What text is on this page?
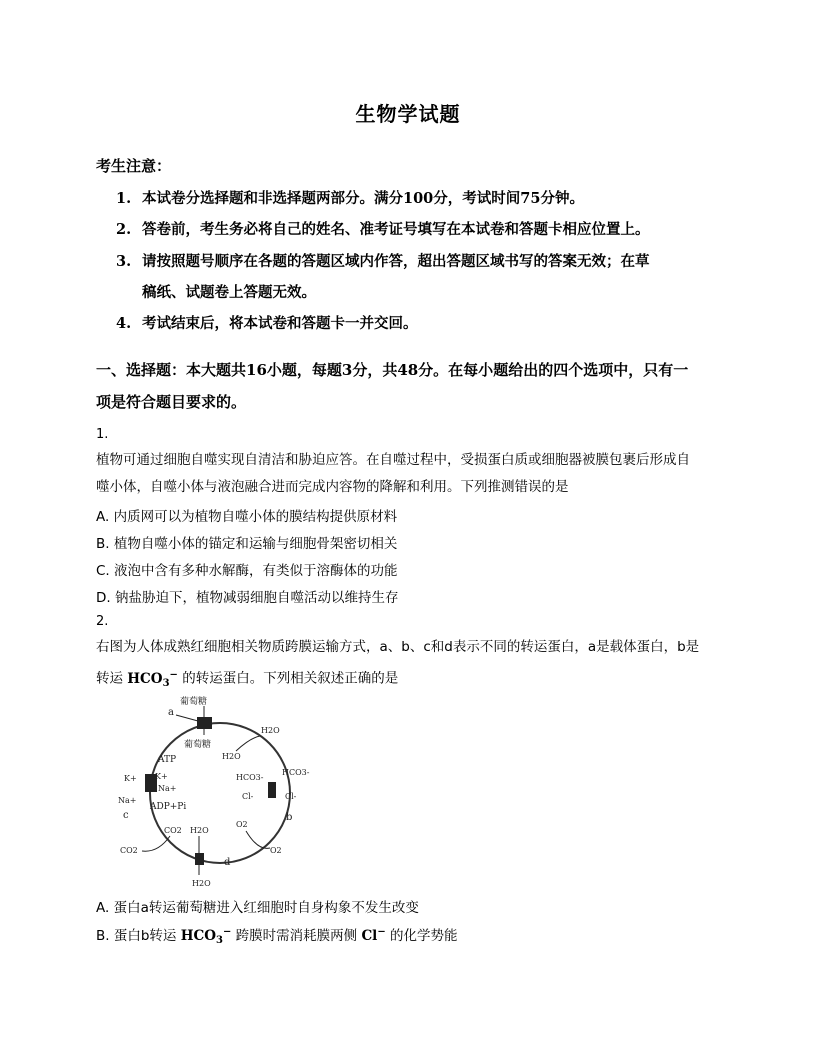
生物学试题
考生注意：
1. 本试卷分选择题和非选择题两部分。满分100分，考试时间75分钟。
2. 答卷前，考生务必将自己的姓名、准考证号填写在本试卷和答题卡相应位置上。
3. 请按照题号顺序在各题的答题区域内作答，超出答题区域书写的答案无效；在草
稿纸、试题卷上答题无效。
4. 考试结束后，将本试卷和答题卡一并交回。
一、选择题：本大题共16小题，每题3分，共48分。在每小题给出的四个选项中，只有一
项是符合题目要求的。
1.
植物可通过细胞自噬实现自清洁和胁迫应答。在自噬过程中，受损蛋白质或细胞器被膜包裹后形成自
噬小体，自噬小体与液泡融合进而完成内容物的降解和利用。下列推测错误的是
A. 内质网可以为植物自噬小体的膜结构提供原材料
B. 植物自噬小体的锚定和运输与细胞骨架密切相关
C. 液泡中含有多种水解酶，有类似于溶酶体的功能
D. 钠盐胁迫下，植物减弱细胞自噬活动以维持生存
2.
右图为人体成熟红细胞相关物质跨膜运输方式，a、b、c和d表示不同的转运蛋白，a是载体蛋白，b是
转运 $HCO_3^-$ 的转运蛋白。下列相关叙述正确的是
a
葡萄糖
葡萄糖
H2O
H2O
HCO3-
HCO3-
Cl-	Cl-
b
K+ K+
Na+
Na+
ATP
ADP+Pi
c
CO2
CO2
H2O
H2O
d
O2
O2
A. 蛋白a转运葡萄糖进入红细胞时自身构象不发生改变
B. 蛋白b转运 $HCO_3^-$ 跨膜时需消耗膜两侧 Cl− 的化学势能
